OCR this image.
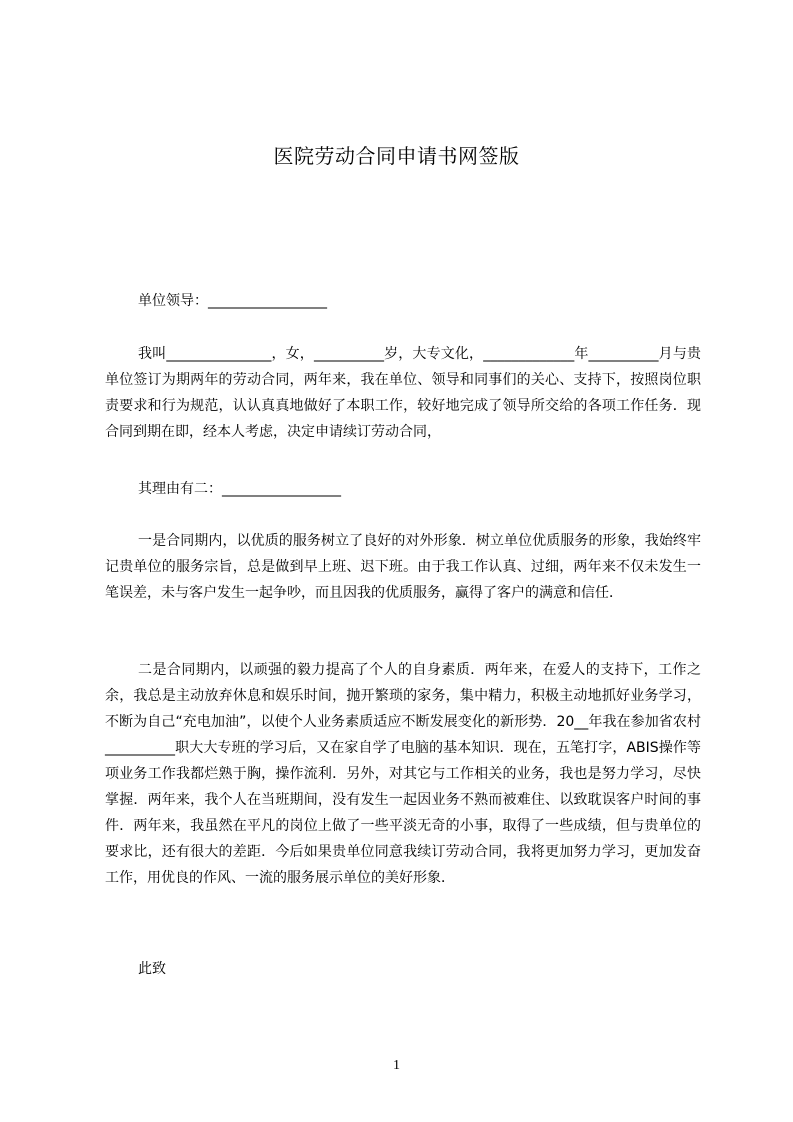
医院劳动合同申请书网签版
单位领导：_________________
我叫_______________，女，__________岁，大专文化，_____________年__________月与贵单位签订为期两年的劳动合同，两年来，我在单位、领导和同事们的关心、支持下，按照岗位职责要求和行为规范，认认真真地做好了本职工作，较好地完成了领导所交给的各项工作任务．现合同到期在即，经本人考虑，决定申请续订劳动合同，
其理由有二：_________________
一是合同期内，以优质的服务树立了良好的对外形象．树立单位优质服务的形象，我始终牢记贵单位的服务宗旨，总是做到早上班、迟下班。由于我工作认真、过细，两年来不仅未发生一笔误差，未与客户发生一起争吵，而且因我的优质服务，赢得了客户的满意和信任．
二是合同期内，以顽强的毅力提高了个人的自身素质．两年来，在爱人的支持下，工作之余，我总是主动放弃休息和娱乐时间，抛开繁琐的家务，集中精力，积极主动地抓好业务学习，不断为自己“充电加油”，以使个人业务素质适应不断发展变化的新形势．20__年我在参加省农村__________职大大专班的学习后，又在家自学了电脑的基本知识．现在，五笔打字，ABIS操作等项业务工作我都烂熟于胸，操作流利．另外，对其它与工作相关的业务，我也是努力学习，尽快掌握．两年来，我个人在当班期间，没有发生一起因业务不熟而被难住、以致耽误客户时间的事件．两年来，我虽然在平凡的岗位上做了一些平淡无奇的小事，取得了一些成绩，但与贵单位的要求比，还有很大的差距．今后如果贵单位同意我续订劳动合同，我将更加努力学习，更加发奋工作，用优良的作风、一流的服务展示单位的美好形象．
此致
1
